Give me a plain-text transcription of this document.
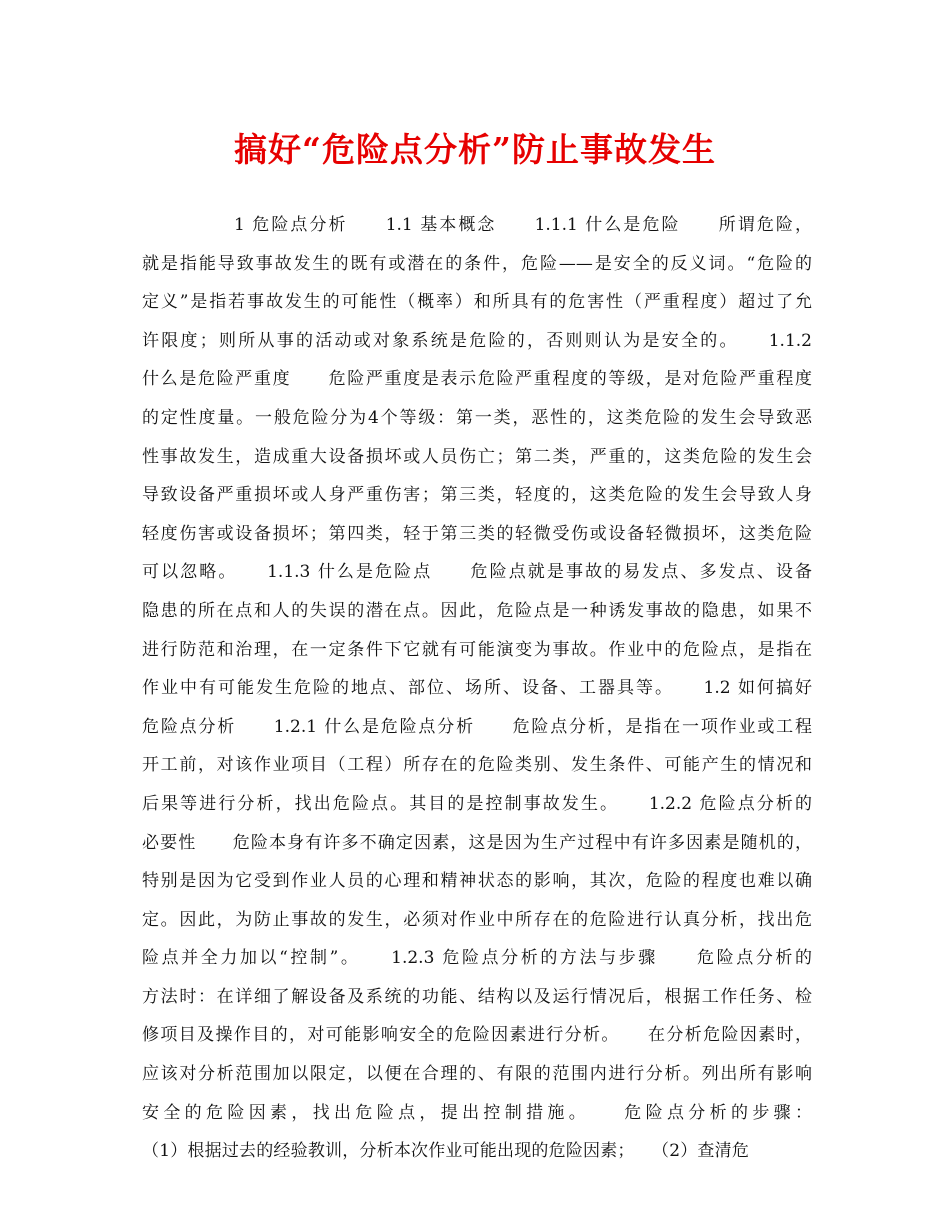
搞好“危险点分析”防止事故发生
1 危险点分析　　1.1 基本概念　　1.1.1 什么是危险　　所谓危险，
就是指能导致事故发生的既有或潜在的条件，危险——是安全的反义词。“危险的
定义”是指若事故发生的可能性（概率）和所具有的危害性（严重程度）超过了允
许限度；则所从事的活动或对象系统是危险的，否则则认为是安全的。　　1.1.2
什么是危险严重度　　危险严重度是表示危险严重程度的等级，是对危险严重程度
的定性度量。一般危险分为4个等级：第一类，恶性的，这类危险的发生会导致恶
性事故发生，造成重大设备损坏或人员伤亡；第二类，严重的，这类危险的发生会
导致设备严重损坏或人身严重伤害；第三类，轻度的，这类危险的发生会导致人身
轻度伤害或设备损坏；第四类，轻于第三类的轻微受伤或设备轻微损坏，这类危险
可以忽略。　　1.1.3 什么是危险点　　危险点就是事故的易发点、多发点、设备
隐患的所在点和人的失误的潜在点。因此，危险点是一种诱发事故的隐患，如果不
进行防范和治理，在一定条件下它就有可能演变为事故。作业中的危险点，是指在
作业中有可能发生危险的地点、部位、场所、设备、工器具等。　　1.2 如何搞好
危险点分析　　1.2.1 什么是危险点分析　　危险点分析，是指在一项作业或工程
开工前，对该作业项目（工程）所存在的危险类别、发生条件、可能产生的情况和
后果等进行分析，找出危险点。其目的是控制事故发生。　　1.2.2 危险点分析的
必要性　　危险本身有许多不确定因素，这是因为生产过程中有许多因素是随机的，
特别是因为它受到作业人员的心理和精神状态的影响，其次，危险的程度也难以确
定。因此，为防止事故的发生，必须对作业中所存在的危险进行认真分析，找出危
险点并全力加以“控制”。　　1.2.3 危险点分析的方法与步骤　　危险点分析的
方法时：在详细了解设备及系统的功能、结构以及运行情况后，根据工作任务、检
修项目及操作目的，对可能影响安全的危险因素进行分析。　　在分析危险因素时，
应该对分析范围加以限定，以便在合理的、有限的范围内进行分析。列出所有影响
安全的危险因素，找出危险点，提出控制措施。　　危险点分析的步骤：
（1）根据过去的经验教训，分析本次作业可能出现的危险因素；　　（2）查清危
